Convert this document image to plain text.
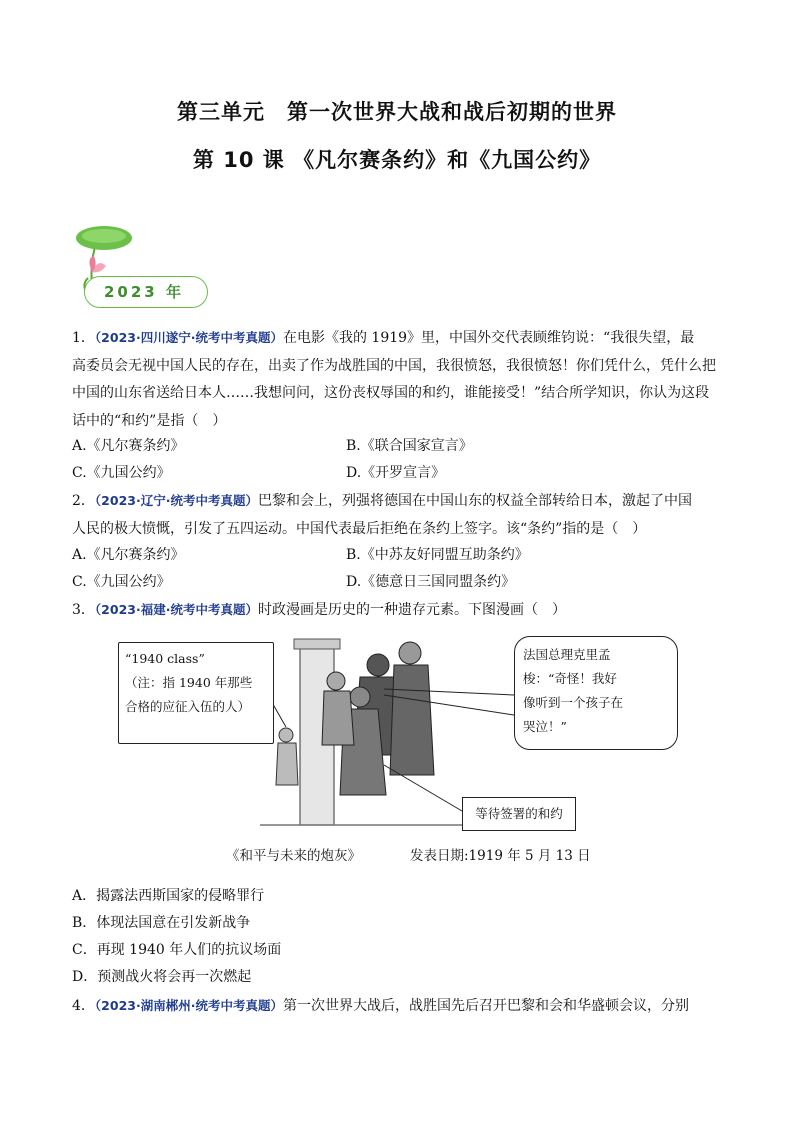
第三单元　第一次世界大战和战后初期的世界
第 10 课 《凡尔赛条约》和《九国公约》
2023 年
1．（2023·四川遂宁·统考中考真题）在电影《我的 1919》里，中国外交代表顾维钧说：“我很失望，最
高委员会无视中国人民的存在，出卖了作为战胜国的中国，我很愤怒，我很愤怒！你们凭什么，凭什么把
中国的山东省送给日本人……我想问问，这份丧权辱国的和约，谁能接受！”结合所学知识，你认为这段
话中的“和约”是指（　）
A.《凡尔赛条约》	B.《联合国家宣言》
C.《九国公约》	D.《开罗宣言》
2．（2023·辽宁·统考中考真题）巴黎和会上，列强将德国在中国山东的权益全部转给日本，激起了中国
人民的极大愤慨，引发了五四运动。中国代表最后拒绝在条约上签字。该“条约”指的是（　）
A.《凡尔赛条约》	B.《中苏友好同盟互助条约》
C.《九国公约》	D.《德意日三国同盟条约》
3．（2023·福建·统考中考真题）时政漫画是历史的一种遗存元素。下图漫画（　）
“1940 class”
（注：指 1940 年那些
合格的应征入伍的人）
法国总理克里孟
梭：“奇怪！我好
像听到一个孩子在
哭泣！”
等待签署的和约
《和平与未来的炮灰》	发表日期:1919 年 5 月 13 日
A．揭露法西斯国家的侵略罪行
B．体现法国意在引发新战争
C．再现 1940 年人们的抗议场面
D．预测战火将会再一次燃起
4．（2023·湖南郴州·统考中考真题）第一次世界大战后，战胜国先后召开巴黎和会和华盛顿会议，分别
